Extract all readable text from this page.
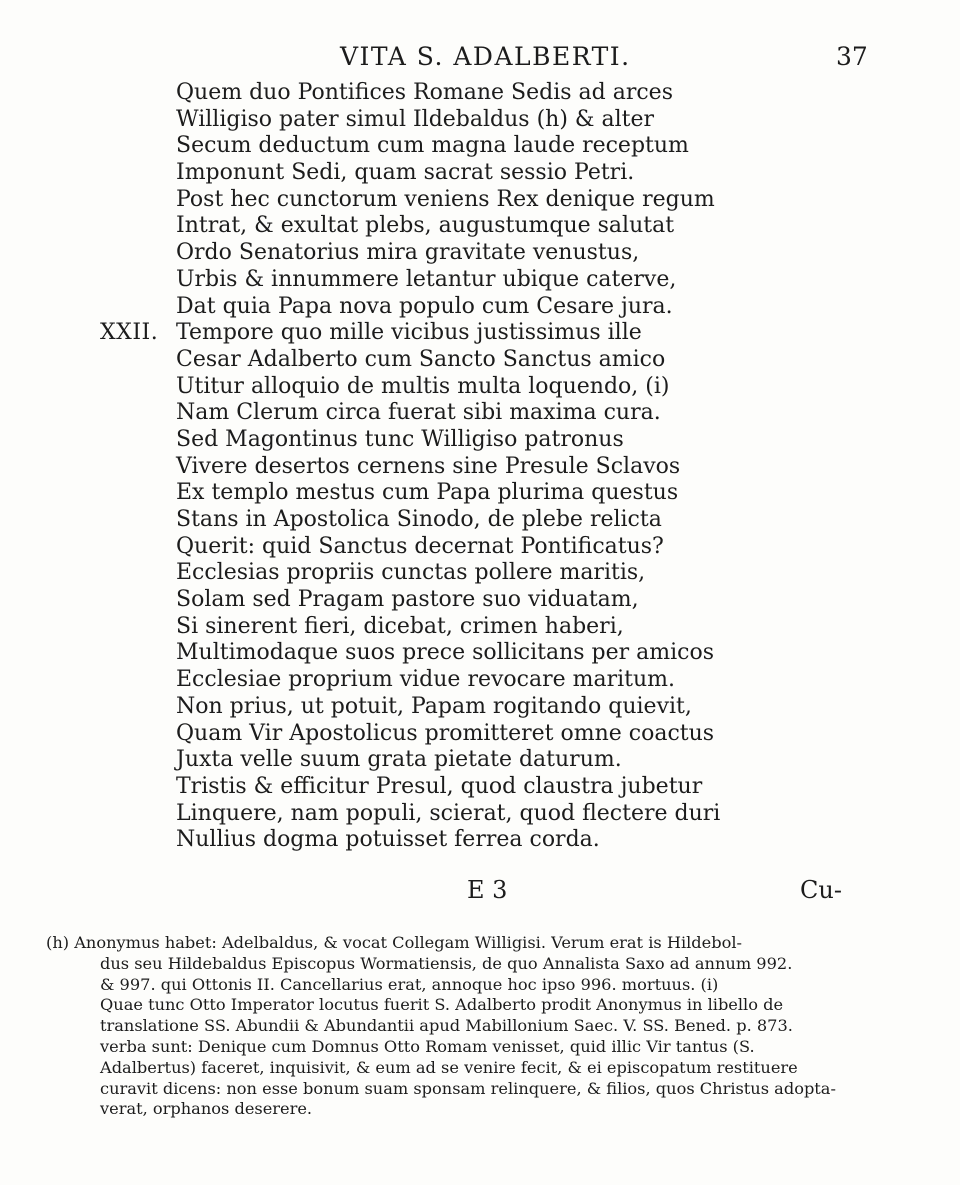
VITA S. ADALBERTI.	37
Quem duo Pontifices Romane Sedis ad arces
Willigiso pater simul Ildebaldus (h) & alter
Secum deductum cum magna laude receptum
Imponunt Sedi, quam sacrat sessio Petri.
Post hec cunctorum veniens Rex denique regum
Intrat, & exultat plebs, augustumque salutat
Ordo Senatorius mira gravitate venustus,
Urbis & innummere letantur ubique caterve,
Dat quia Papa nova populo cum Cesare jura.
XXII. Tempore quo mille vicibus justissimus ille
Cesar Adalberto cum Sancto Sanctus amico
Utitur alloquio de multis multa loquendo, (i)
Nam Clerum circa fuerat sibi maxima cura.
Sed Magontinus tunc Willigiso patronus
Vivere desertos cernens sine Presule Sclavos
Ex templo mestus cum Papa plurima questus
Stans in Apostolica Sinodo, de plebe relicta
Querit: quid Sanctus decernat Pontificatus?
Ecclesias propriis cunctas pollere maritis,
Solam sed Pragam pastore suo viduatam,
Si sinerent fieri, dicebat, crimen haberi,
Multimodaque suos prece sollicitans per amicos
Ecclesiae proprium vidue revocare maritum.
Non prius, ut potuit, Papam rogitando quievit,
Quam Vir Apostolicus promitteret omne coactus
Juxta velle suum grata pietate daturum.
Tristis & efficitur Presul, quod claustra jubetur
Linquere, nam populi, scierat, quod flectere duri
Nullius dogma potuisset ferrea corda.
E 3	Cu-
(h) Anonymus habet: Adelbaldus, & vocat Collegam Willigisi. Verum erat is Hildebol-
dus seu Hildebaldus Episcopus Wormatiensis, de quo Annalista Saxo ad annum 992.
& 997. qui Ottonis II. Cancellarius erat, annoque hoc ipso 996. mortuus. (i)
Quae tunc Otto Imperator locutus fuerit S. Adalberto prodit Anonymus in libello de
translatione SS. Abundii & Abundantii apud Mabillonium Saec. V. SS. Bened. p. 873.
verba sunt: Denique cum Domnus Otto Romam venisset, quid illic Vir tantus (S.
Adalbertus) faceret, inquisivit, & eum ad se venire fecit, & ei episcopatum restituere
curavit dicens: non esse bonum suam sponsam relinquere, & filios, quos Christus adopta-
verat, orphanos deserere.
